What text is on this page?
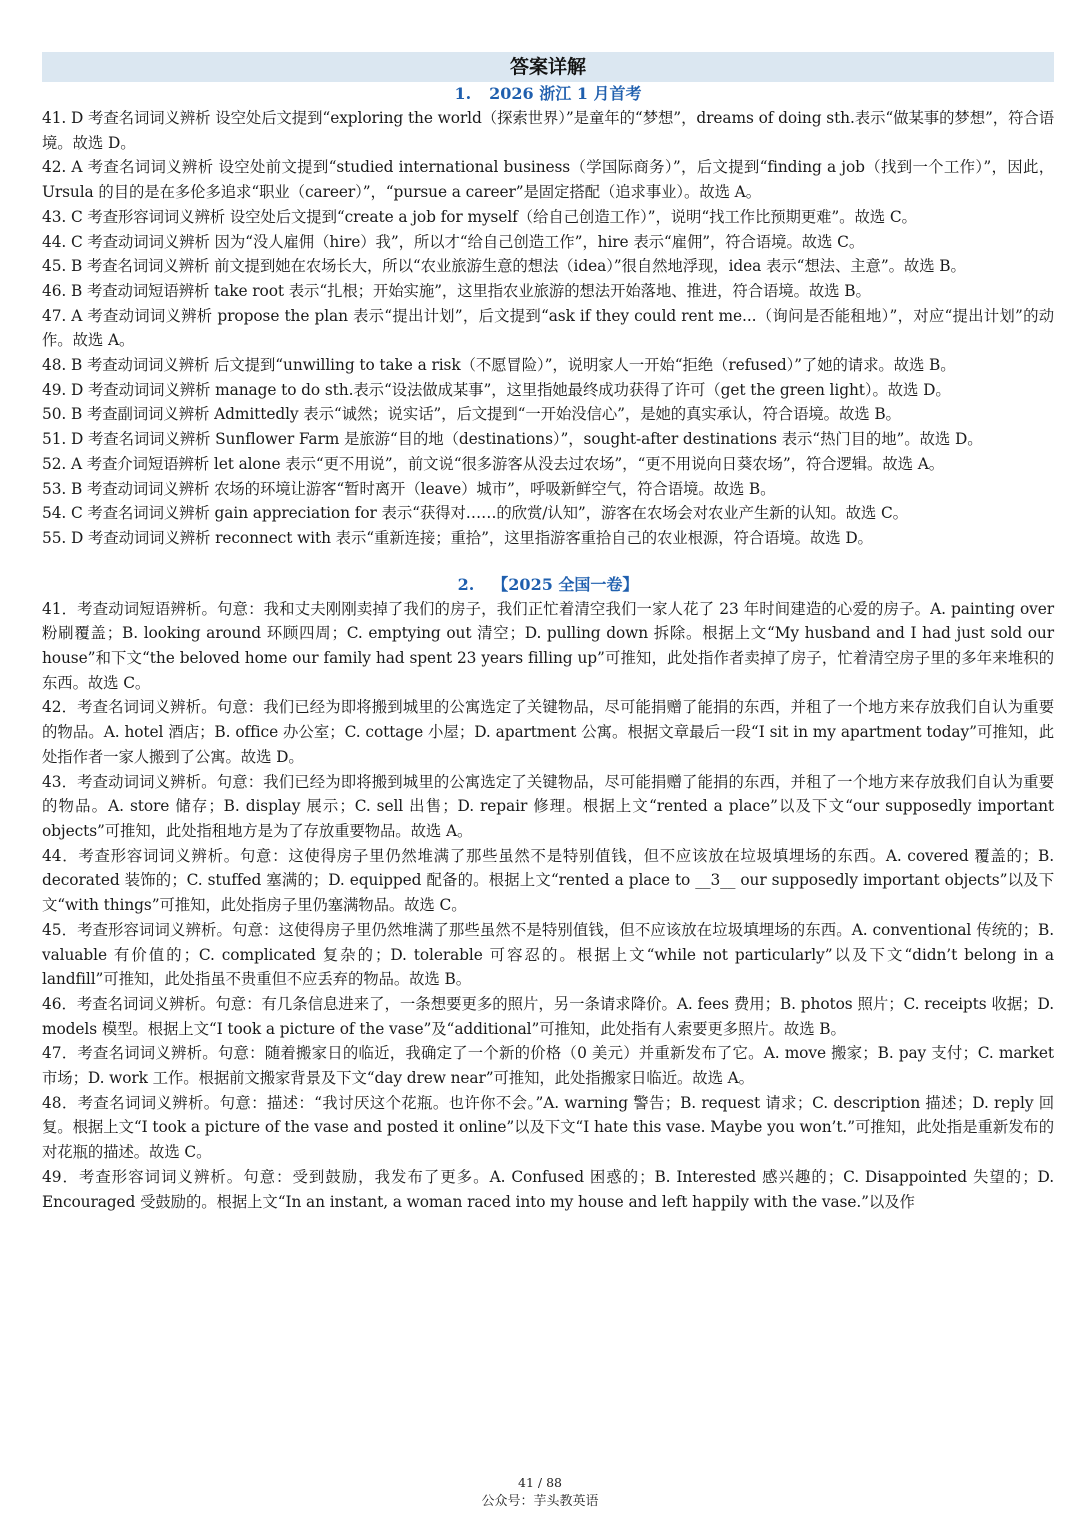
答案详解
1. 2026 浙江 1 月首考

41. D 考查名词词义辨析 设空处后文提到“exploring the world（探索世界）”是童年的“梦想”，dreams of doing sth.表示“做某事的梦想”，符合语境。故选 D。

42. A 考查名词词义辨析 设空处前文提到“studied international business（学国际商务）”，后文提到“finding a job（找到一个工作）”，因此，Ursula 的目的是在多伦多追求“职业（career）”，“pursue a career”是固定搭配（追求事业）。故选 A。

43. C 考查形容词词义辨析 设空处后文提到“create a job for myself（给自己创造工作）”，说明“找工作比预期更难”。故选 C。

44. C 考查动词词义辨析 因为“没人雇佣（hire）我”，所以才“给自己创造工作”，hire 表示“雇佣”，符合语境。故选 C。

45. B 考查名词词义辨析 前文提到她在农场长大，所以“农业旅游生意的想法（idea）”很自然地浮现，idea 表示“想法、主意”。故选 B。

46. B 考查动词短语辨析 take root 表示“扎根；开始实施”，这里指农业旅游的想法开始落地、推进，符合语境。故选 B。

47. A 考查动词词义辨析 propose the plan 表示“提出计划”，后文提到“ask if they could rent me...（询问是否能租地）”，对应“提出计划”的动作。故选 A。

48. B 考查动词词义辨析 后文提到“unwilling to take a risk（不愿冒险）”，说明家人一开始“拒绝（refused）”了她的请求。故选 B。

49. D 考查动词词义辨析 manage to do sth.表示“设法做成某事”，这里指她最终成功获得了许可（get the green light）。故选 D。

50. B 考查副词词义辨析 Admittedly 表示“诚然；说实话”，后文提到“一开始没信心”，是她的真实承认，符合语境。故选 B。

51. D 考查名词词义辨析 Sunflower Farm 是旅游“目的地（destinations）”，sought-after destinations 表示“热门目的地”。故选 D。

52. A 考查介词短语辨析 let alone 表示“更不用说”，前文说“很多游客从没去过农场”，“更不用说向日葵农场”，符合逻辑。故选 A。

53. B 考查动词词义辨析 农场的环境让游客“暂时离开（leave）城市”，呼吸新鲜空气，符合语境。故选 B。

54. C 考查名词词义辨析 gain appreciation for 表示“获得对……的欣赏/认知”，游客在农场会对农业产生新的认知。故选 C。

55. D 考查动词词义辨析 reconnect with 表示“重新连接；重拾”，这里指游客重拾自己的农业根源，符合语境。故选 D。

2. 【2025 全国一卷】

41．考查动词短语辨析。句意：我和丈夫刚刚卖掉了我们的房子，我们正忙着清空我们一家人花了 23 年时间建造的心爱的房子。A. painting over 粉刷覆盖；B. looking around 环顾四周；C. emptying out 清空；D. pulling down 拆除。根据上文“My husband and I had just sold our house”和下文“the beloved home our family had spent 23 years filling up”可推知，此处指作者卖掉了房子，忙着清空房子里的多年来堆积的东西。故选 C。

42．考查名词词义辨析。句意：我们已经为即将搬到城里的公寓选定了关键物品，尽可能捐赠了能捐的东西，并租了一个地方来存放我们自认为重要的物品。A. hotel 酒店；B. office 办公室；C. cottage 小屋；D. apartment 公寓。根据文章最后一段“I sit in my apartment today”可推知，此处指作者一家人搬到了公寓。故选 D。

43．考查动词词义辨析。句意：我们已经为即将搬到城里的公寓选定了关键物品，尽可能捐赠了能捐的东西，并租了一个地方来存放我们自认为重要的物品。A. store 储存；B. display 展示；C. sell 出售；D. repair 修理。根据上文“rented a place”以及下文“our supposedly important objects”可推知，此处指租地方是为了存放重要物品。故选 A。

44．考查形容词词义辨析。句意：这使得房子里仍然堆满了那些虽然不是特别值钱，但不应该放在垃圾填埋场的东西。A. covered 覆盖的；B. decorated 装饰的；C. stuffed 塞满的；D. equipped 配备的。根据上文“rented a place to __3__ our supposedly important objects”以及下文“with things”可推知，此处指房子里仍塞满物品。故选 C。

45．考查形容词词义辨析。句意：这使得房子里仍然堆满了那些虽然不是特别值钱，但不应该放在垃圾填埋场的东西。A. conventional 传统的；B. valuable 有价值的；C. complicated 复杂的；D. tolerable 可容忍的。根据上文“while not particularly”以及下文“didn’t belong in a landfill”可推知，此处指虽不贵重但不应丢弃的物品。故选 B。

46．考查名词词义辨析。句意：有几条信息进来了，一条想要更多的照片，另一条请求降价。A. fees 费用；B. photos 照片；C. receipts 收据；D. models 模型。根据上文“I took a picture of the vase”及“additional”可推知，此处指有人索要更多照片。故选 B。

47．考查名词词义辨析。句意：随着搬家日的临近，我确定了一个新的价格（0 美元）并重新发布了它。A. move 搬家；B. pay 支付；C. market 市场；D. work 工作。根据前文搬家背景及下文“day drew near”可推知，此处指搬家日临近。故选 A。

48．考查名词词义辨析。句意：描述：“我讨厌这个花瓶。也许你不会。”A. warning 警告；B. request 请求；C. description 描述；D. reply 回复。根据上文“I took a picture of the vase and posted it online”以及下文“I hate this vase. Maybe you won’t.”可推知，此处指是重新发布的对花瓶的描述。故选 C。

49．考查形容词词义辨析。句意：受到鼓励，我发布了更多。A. Confused 困惑的；B. Interested 感兴趣的；C. Disappointed 失望的；D. Encouraged 受鼓励的。根据上文“In an instant, a woman raced into my house and left happily with the vase.”以及作

41 / 88
公众号：芋头教英语
